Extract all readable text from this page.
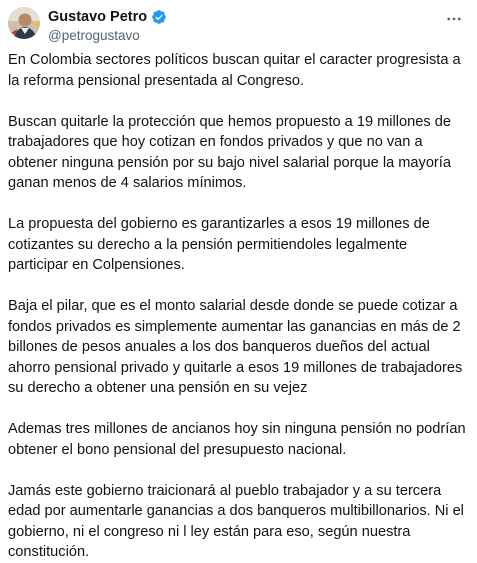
Gustavo Petro
@petrogustavo

En Colombia sectores políticos buscan quitar el caracter progresista a la reforma pensional presentada al Congreso.

Buscan quitarle la protección que hemos propuesto a 19 millones de trabajadores que hoy cotizan en fondos privados y que no van a obtener ninguna pensión por su bajo nivel salarial porque la mayoría ganan menos de 4 salarios mínimos.

La propuesta del gobierno es garantizarles a esos 19 millones de cotizantes su derecho a la pensión permitiendoles legalmente participar en Colpensiones.

Baja el pilar, que es el monto salarial desde donde se puede cotizar a fondos privados es simplemente aumentar las ganancias en más de 2 billones de pesos anuales a los dos banqueros dueños del actual ahorro pensional privado y quitarle a esos 19 millones de trabajadores su derecho a obtener una pensión en su vejez

Ademas tres millones de ancianos hoy sin ninguna pensión no podrían obtener el bono pensional del presupuesto nacional.

Jamás este gobierno traicionará al pueblo trabajador y a su tercera edad por aumentarle ganancias a dos banqueros multibillonarios. Ni el gobierno, ni el congreso ni l ley están para eso, según nuestra constitución.
